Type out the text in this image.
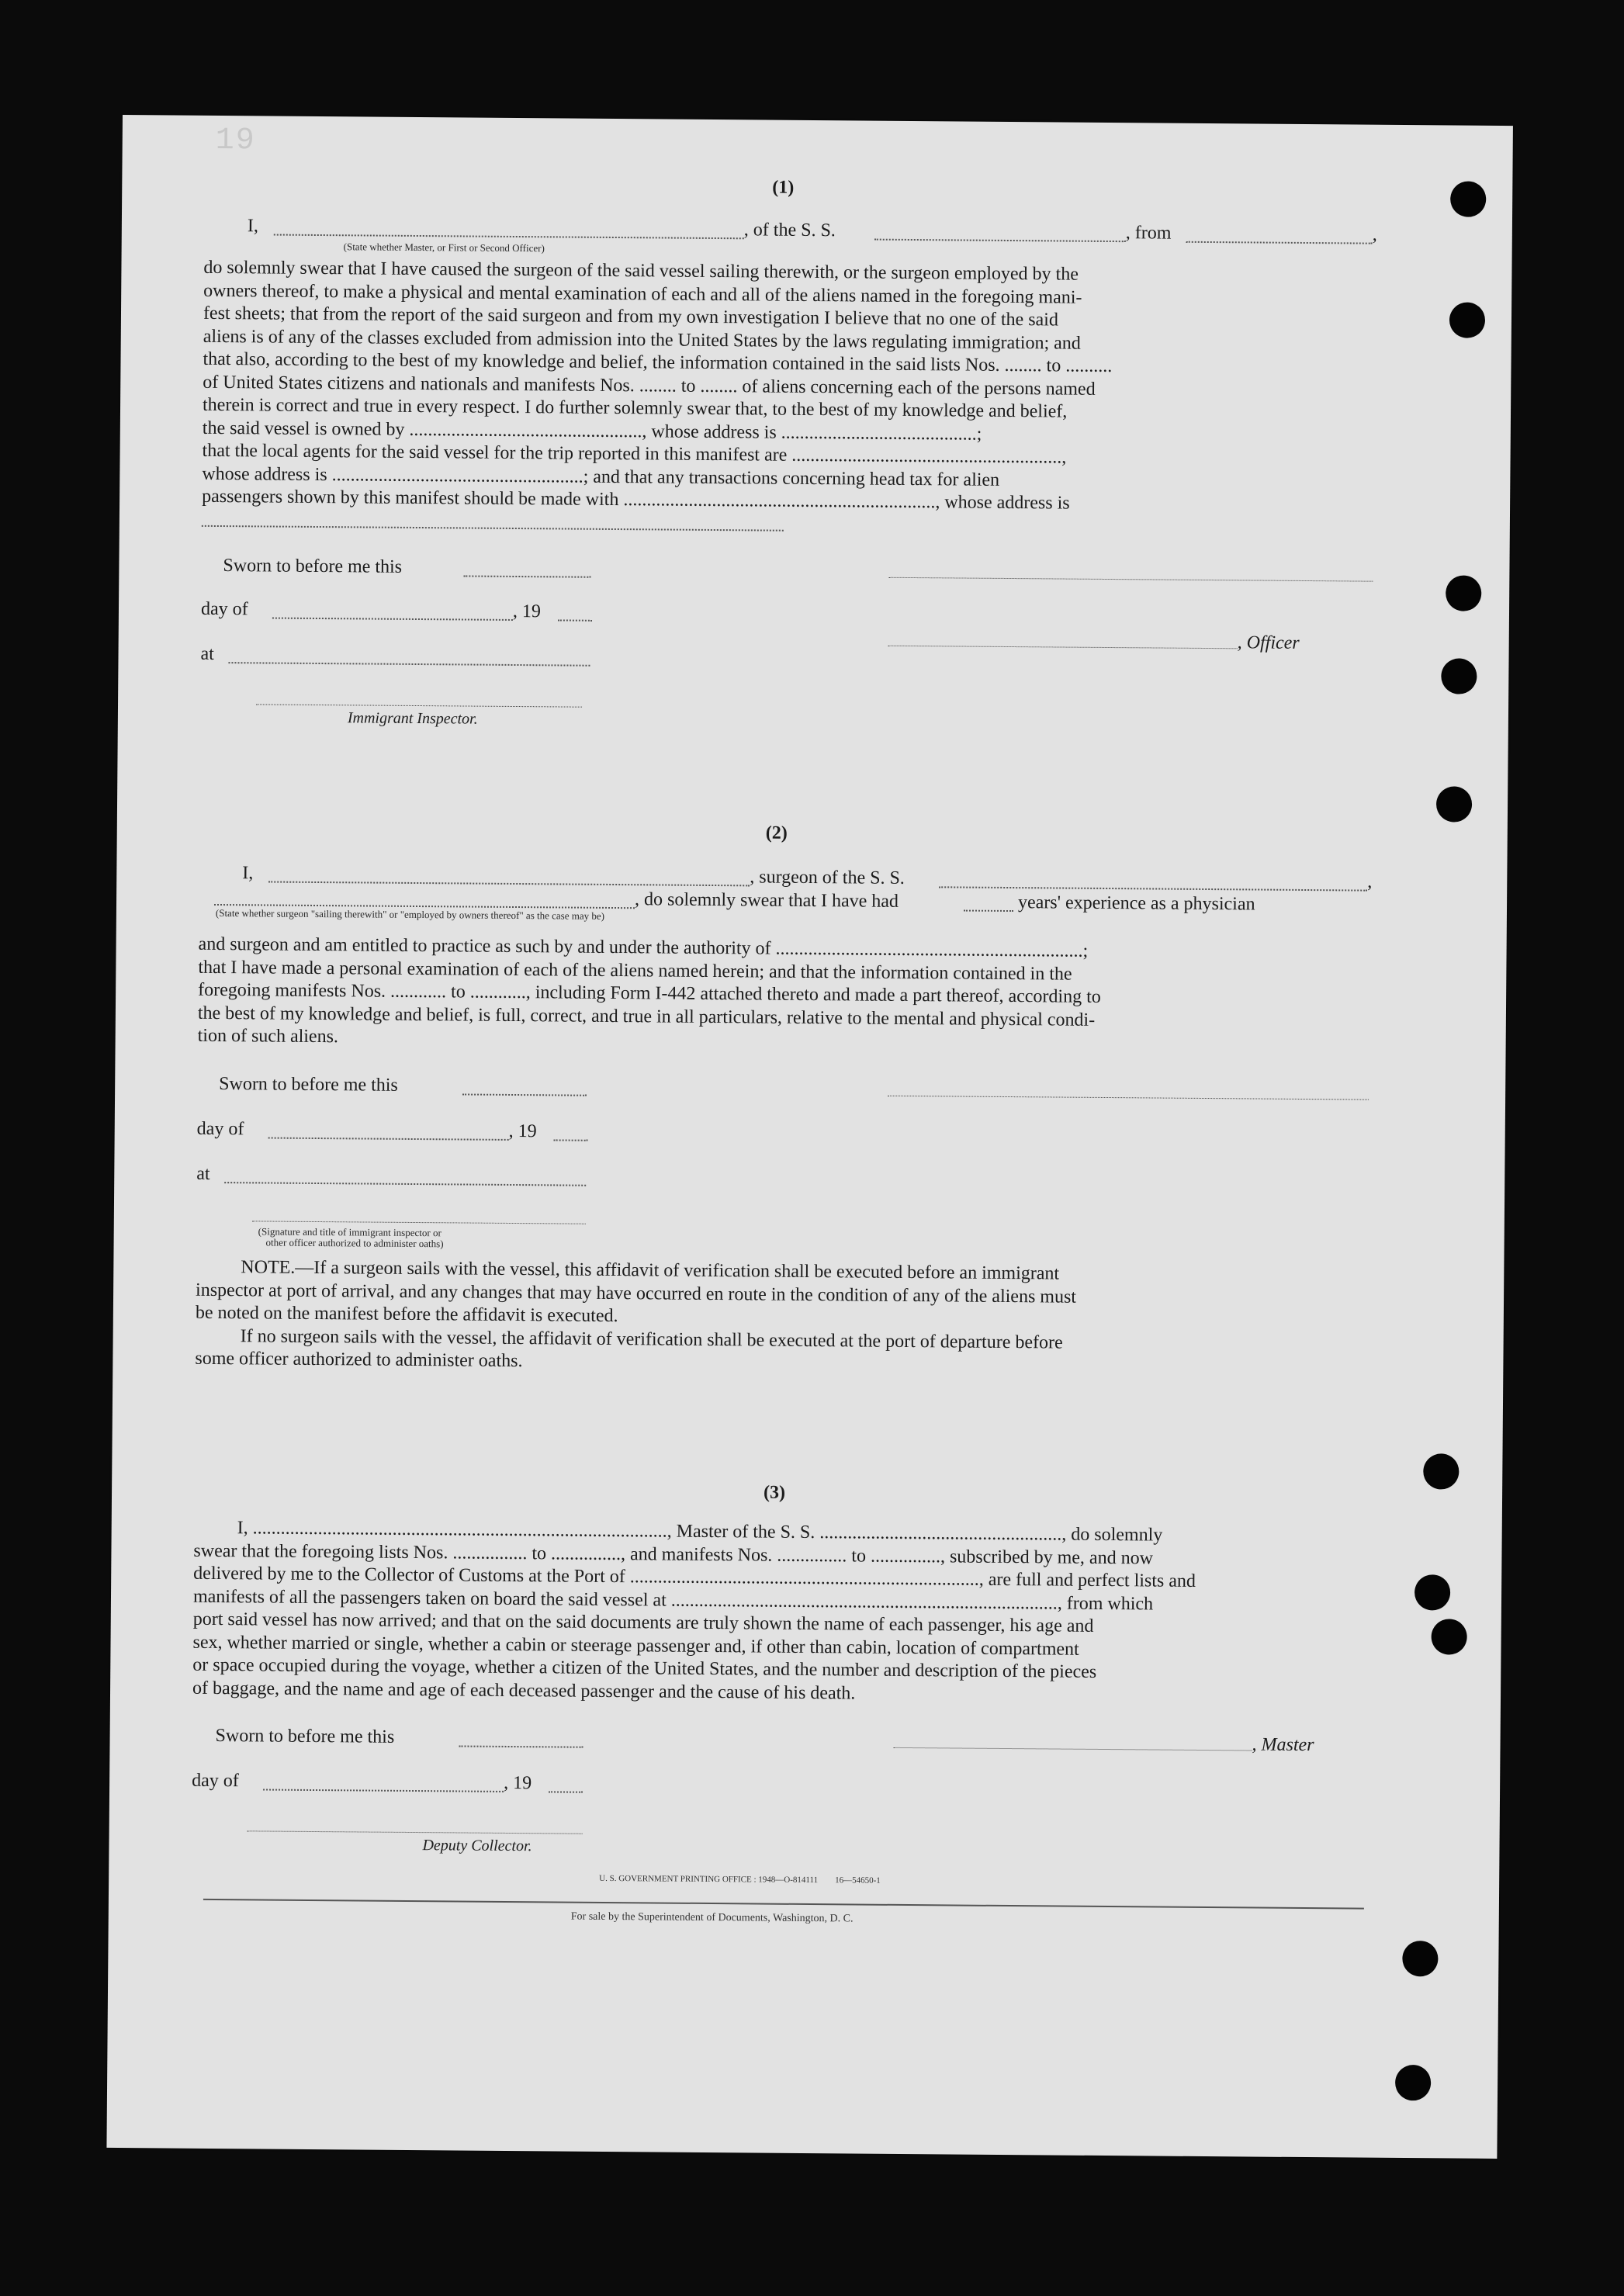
19
(1)
I,	, of the S. S.	, from	,
(State whether Master, or First or Second Officer)
do solemnly swear that I have caused the surgeon of the said vessel sailing therewith, or the surgeon employed by the
owners thereof, to make a physical and mental examination of each and all of the aliens named in the foregoing mani-
fest sheets; that from the report of the said surgeon and from my own investigation I believe that no one of the said
aliens is of any of the classes excluded from admission into the United States by the laws regulating immigration; and
that also, according to the best of my knowledge and belief, the information contained in the said lists Nos. ........ to ..........
of United States citizens and nationals and manifests Nos. ........ to ........ of aliens concerning each of the persons named
therein is correct and true in every respect. I do further solemnly swear that, to the best of my knowledge and belief,
the said vessel is owned by .................................................., whose address is ..........................................;
that the local agents for the said vessel for the trip reported in this manifest are ..........................................................,
whose address is ......................................................; and that any transactions concerning head tax for alien
passengers shown by this manifest should be made with ..................................................................., whose address is
Sworn to before me this
day of	, 19
at
, Officer
Immigrant Inspector.
(2)
I,	, surgeon of the S. S.	,
, do solemnly swear that I have had	years' experience as a physician
(State whether surgeon "sailing therewith" or "employed by owners thereof" as the case may be)
and surgeon and am entitled to practice as such by and under the authority of ..................................................................;
that I have made a personal examination of each of the aliens named herein; and that the information contained in the
foregoing manifests Nos. ............ to ............, including Form I-442 attached thereto and made a part thereof, according to
the best of my knowledge and belief, is full, correct, and true in all particulars, relative to the mental and physical condi-
tion of such aliens.
Sworn to before me this
day of	, 19
at
(Signature and title of immigrant inspector or
other officer authorized to administer oaths)
NOTE.—If a surgeon sails with the vessel, this affidavit of verification shall be executed before an immigrant
inspector at port of arrival, and any changes that may have occurred en route in the condition of any of the aliens must
be noted on the manifest before the affidavit is executed.
If no surgeon sails with the vessel, the affidavit of verification shall be executed at the port of departure before
some officer authorized to administer oaths.
(3)
I, ........................................................................................., Master of the S. S. ...................................................., do solemnly
swear that the foregoing lists Nos. ................ to ..............., and manifests Nos. ............... to ..............., subscribed by me, and now
delivered by me to the Collector of Customs at the Port of ..........................................................................., are full and perfect lists and
manifests of all the passengers taken on board the said vessel at ..................................................................................., from which
port said vessel has now arrived; and that on the said documents are truly shown the name of each passenger, his age and
sex, whether married or single, whether a cabin or steerage passenger and, if other than cabin, location of compartment
or space occupied during the voyage, whether a citizen of the United States, and the number and description of the pieces
of baggage, and the name and age of each deceased passenger and the cause of his death.
Sworn to before me this	, Master
day of	, 19
Deputy Collector.
U. S. GOVERNMENT PRINTING OFFICE : 1948—O-814111        16—54650-1
For sale by the Superintendent of Documents, Washington, D. C.
